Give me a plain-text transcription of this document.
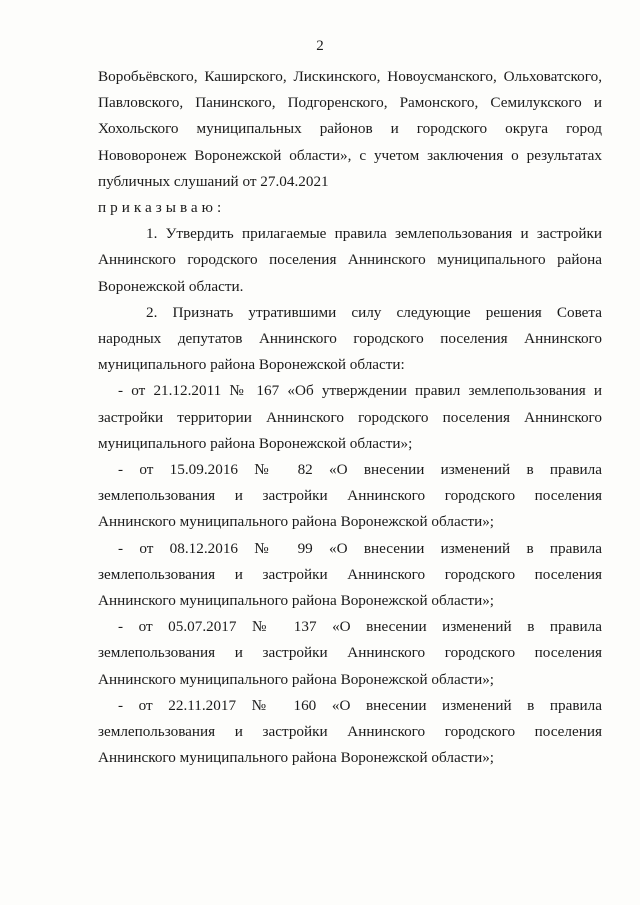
2
Воробьёвского, Каширского, Лискинского, Новоусманского, Ольховатского,
Павловского, Панинского, Подгоренского, Рамонского, Семилукского и
Хохольского муниципальных районов и городского округа город
Нововоронеж Воронежской области», с учетом заключения о результатах
публичных слушаний от 27.04.2021
приказываю:
1. Утвердить прилагаемые правила землепользования и застройки
Аннинского городского поселения Аннинского муниципального района
Воронежской области.
2. Признать утратившими силу следующие решения Совета
народных депутатов Аннинского городского поселения Аннинского
муниципального района Воронежской области:
- от 21.12.2011 № 167 «Об утверждении правил землепользования и
застройки территории Аннинского городского поселения Аннинского
муниципального района Воронежской области»;
- от 15.09.2016 № 82 «О внесении изменений в правила
землепользования и застройки Аннинского городского поселения
Аннинского муниципального района Воронежской области»;
- от 08.12.2016 № 99 «О внесении изменений в правила
землепользования и застройки Аннинского городского поселения
Аннинского муниципального района Воронежской области»;
- от 05.07.2017 № 137 «О внесении изменений в правила
землепользования и застройки Аннинского городского поселения
Аннинского муниципального района Воронежской области»;
- от 22.11.2017 № 160 «О внесении изменений в правила
землепользования и застройки Аннинского городского поселения
Аннинского муниципального района Воронежской области»;
